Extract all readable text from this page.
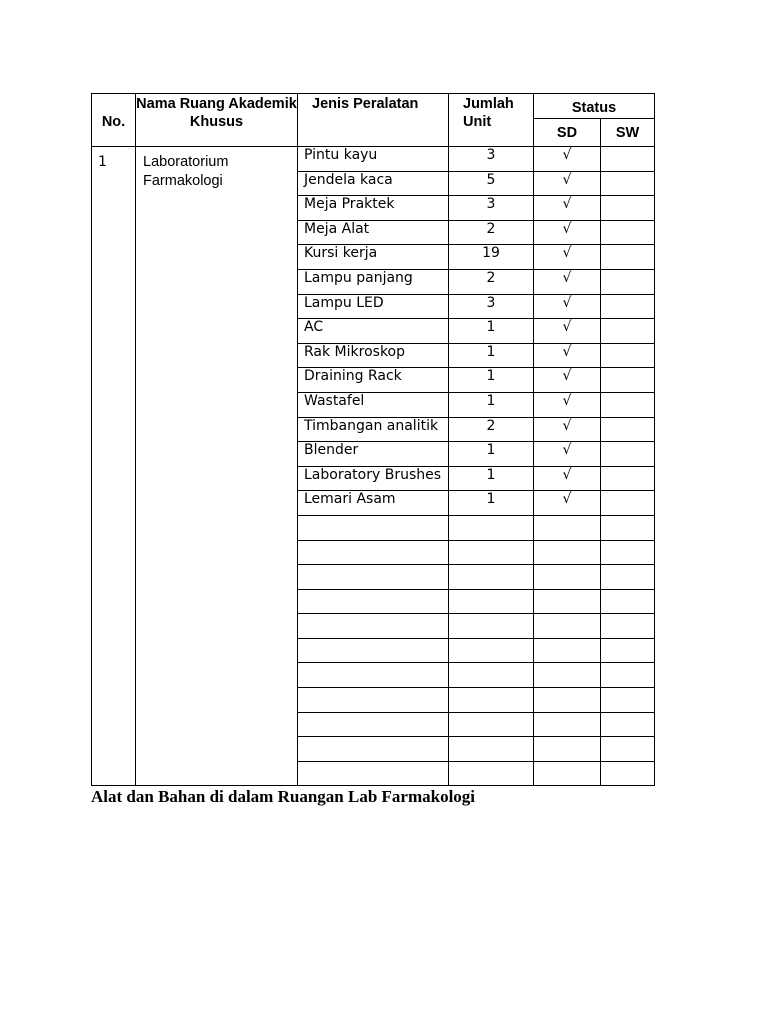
No.	Nama Ruang Akademik Khusus	Jenis Peralatan	Jumlah Unit	Status	
				SD	SW
1	Laboratorium Farmakologi	Pintu kayu	3	√	
		Jendela kaca	5	√	
		Meja Praktek	3	√	
		Meja Alat	2	√	
		Kursi kerja	19	√	
		Lampu panjang	2	√	
		Lampu LED	3	√	
		AC	1	√	
		Rak Mikroskop	1	√	
		Draining Rack	1	√	
		Wastafel	1	√	
		Timbangan analitik	2	√	
		Blender	1	√	
		Laboratory Brushes	1	√	
		Lemari Asam	1	√	

Alat dan Bahan di dalam Ruangan Lab Farmakologi
